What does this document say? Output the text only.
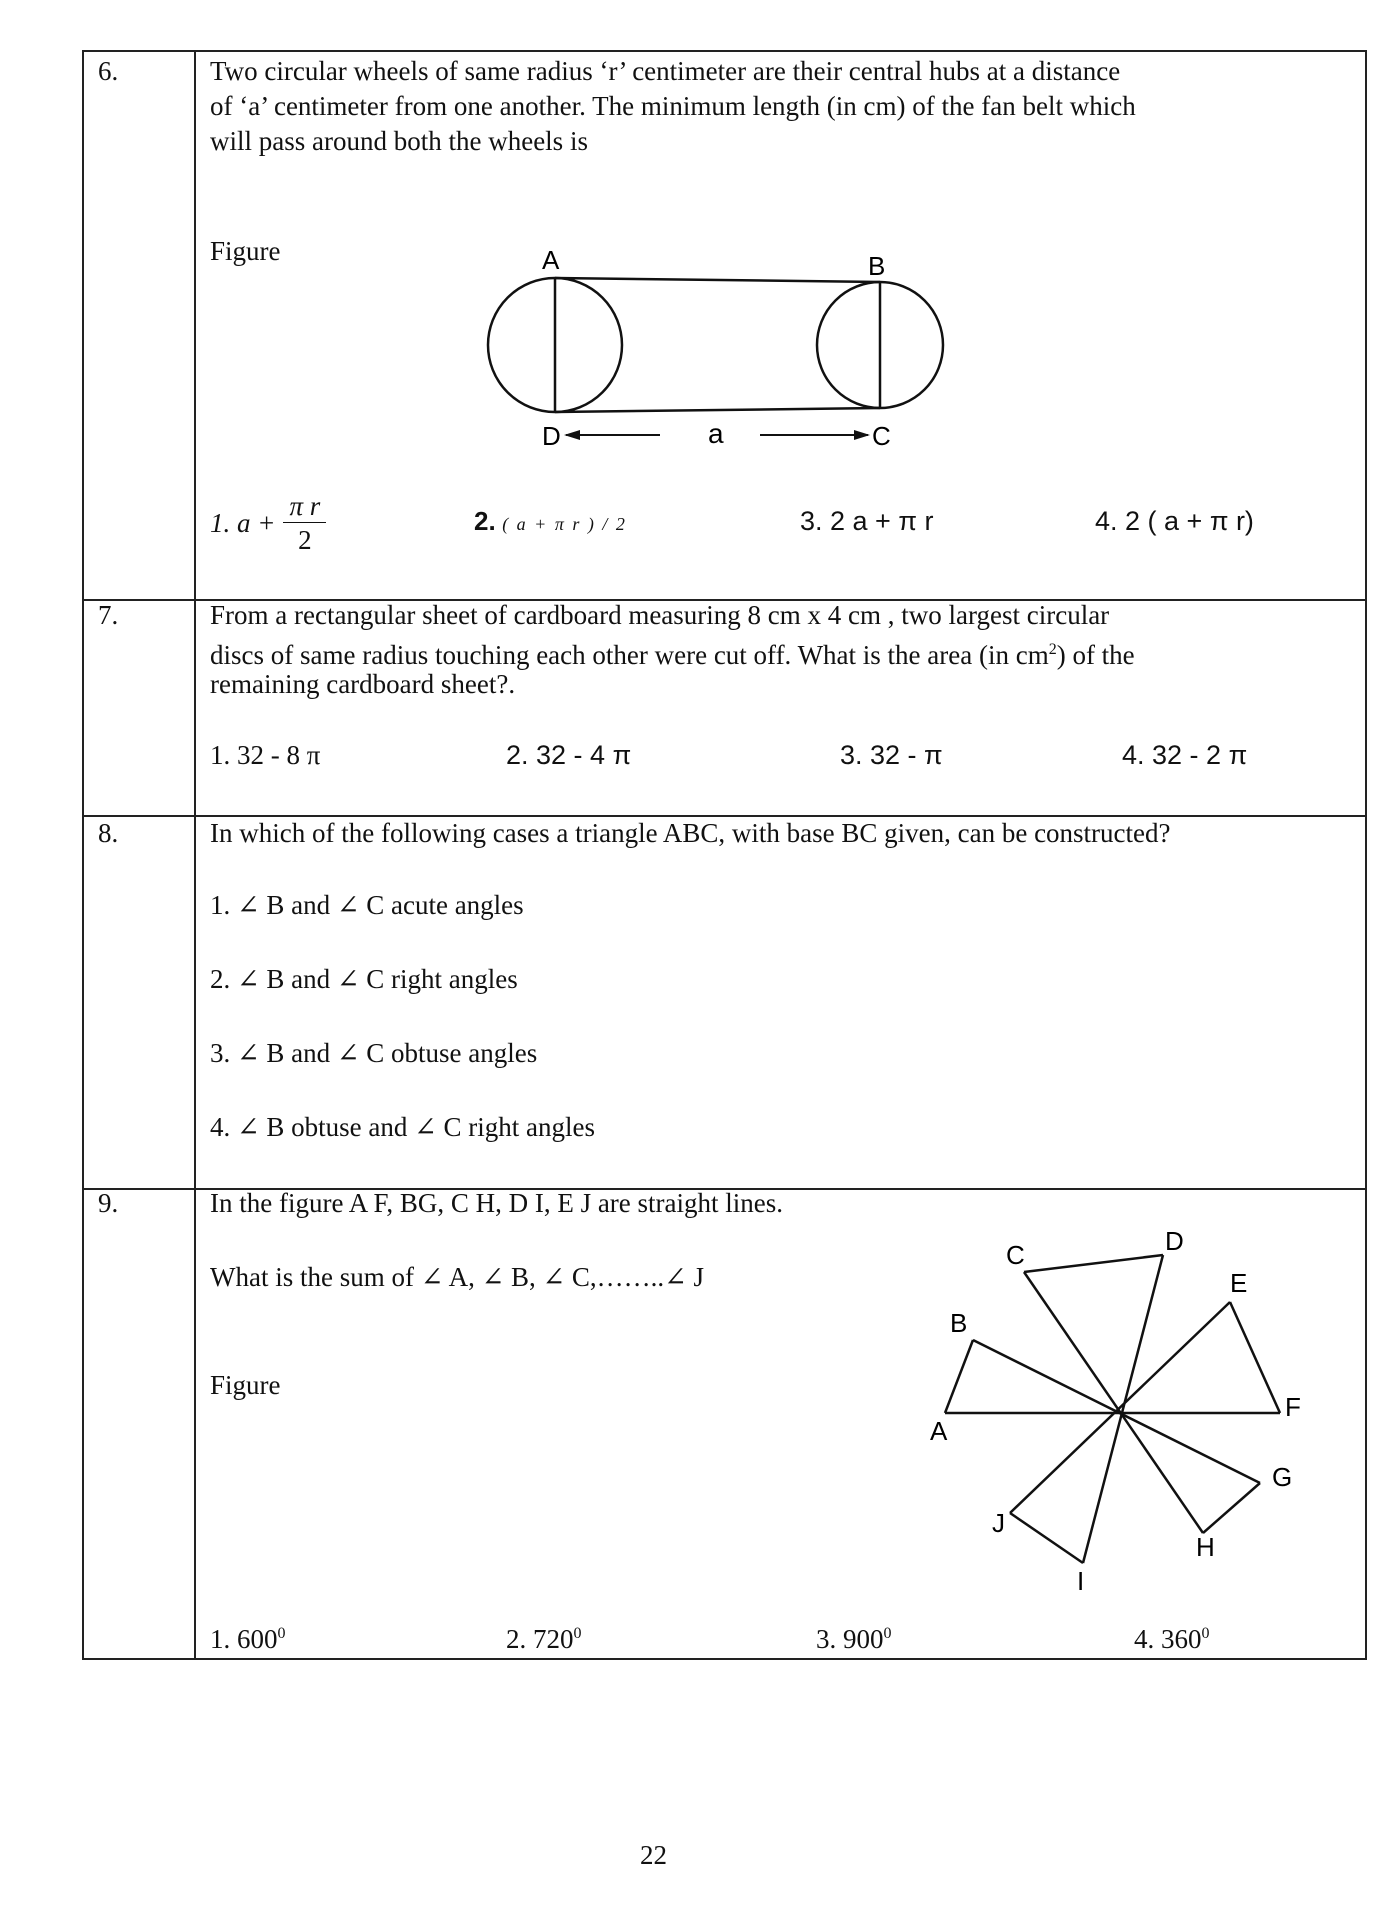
6.	Two circular wheels of same radius ‘r’ centimeter are their central hubs at a distance
of ‘a’ centimeter from one another. The minimum length (in cm) of the fan belt which
will pass around both the wheels is
Figure	A	B
D	C
a
1. $a + \frac{\text{π r}}{2}$	2. ( a + π r ) / 2	3. 2 a + π r	4. 2 ( a + π r)
7.	From a rectangular sheet of cardboard measuring 8 cm x 4 cm , two largest circular
discs of same radius touching each other were cut off. What is the area (in $cm^2$) of the
remaining cardboard sheet?.
1. 32 - 8 π	2. 32 - 4 π	3. 32 - π	4. 32 - 2 π
8.	In which of the following cases a triangle ABC, with base BC given, can be constructed?
1. ∠ B and ∠ C acute angles
2. ∠ B and ∠ C right angles
3. ∠ B and ∠ C obtuse angles
4. ∠ B obtuse and ∠ C right angles
9.	In the figure A F, BG, C H, D I, E J are straight lines.
What is the sum of ∠ A, ∠ B, ∠ C,……..∠ J
Figure
A
B
C	D
E
F
G
H
I
J
1. $600^0$	2. $720^0$	3. $900^0$	4. $360^0$
22
